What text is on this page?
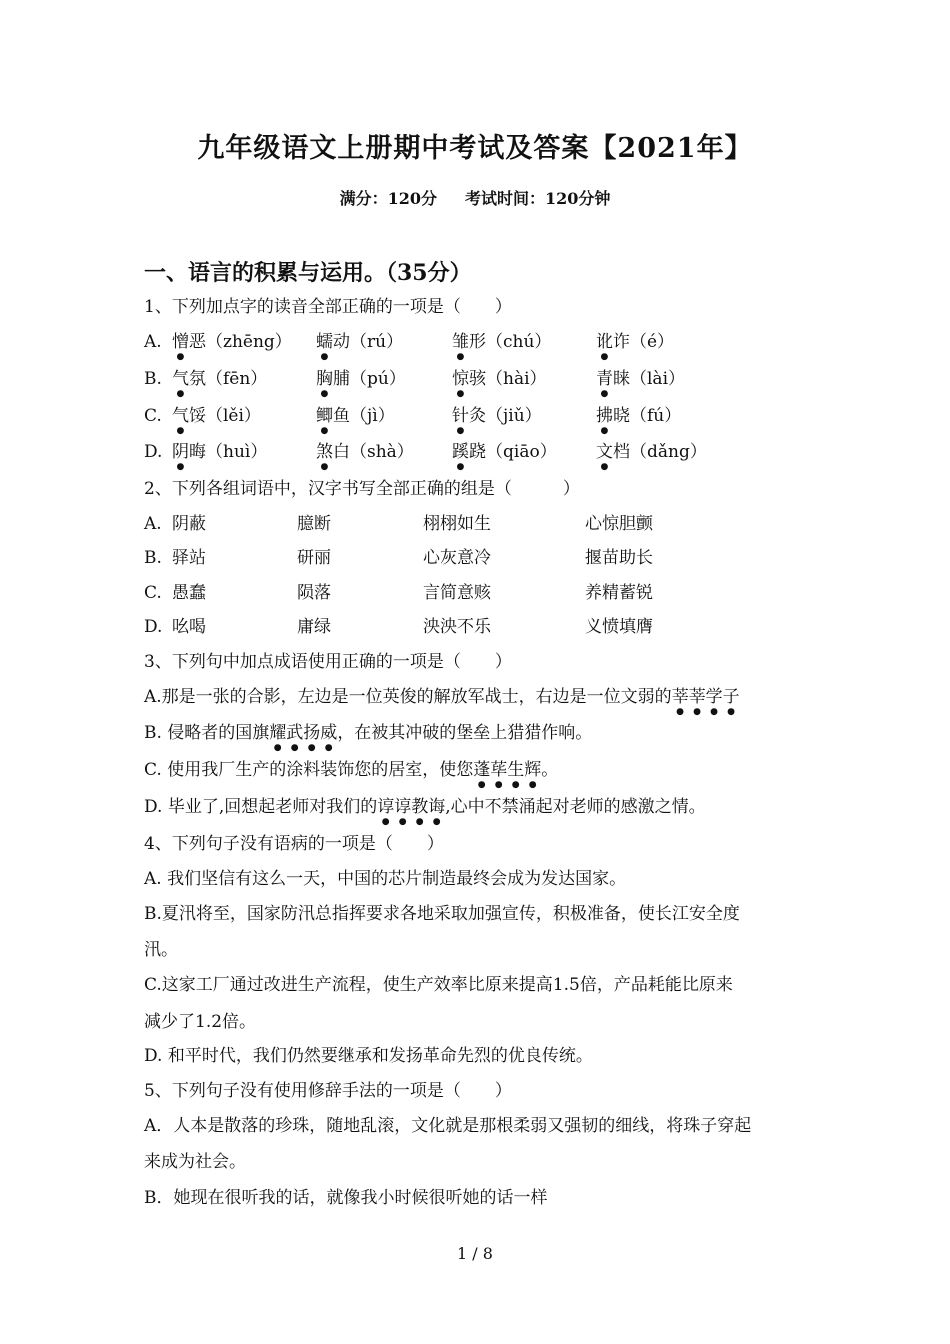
九年级语文上册期中考试及答案【2021年】
满分：120分 考试时间：120分钟
一、语言的积累与运用。（35分）
1、下列加点字的读音全部正确的一项是（　　）
A. 憎恶（zhēng） 蠕动（rú）	雏形（chú）	讹诈（é）
B. 气氛（fēn）	胸脯（pú）	惊骇（hài）	青睐（lài）
C. 气馁（lěi）	鲫鱼（jì）	针灸（jiǔ）	拂晓（fú）
D. 阴晦（huì）	煞白（shà） 蹊跷（qiāo） 文档（dǎng）
2、下列各组词语中，汉字书写全部正确的组是（　　　）
A. 阴蔽	臆断	栩栩如生	心惊胆颤
B. 驿站	研丽	心灰意冷	揠苗助长
C. 愚蠢	陨落	言简意赅	养精蓄锐
D. 吆喝	庸绿	泱泱不乐	义愤填膺
3、下列句中加点成语使用正确的一项是（　　）
A.那是一张的合影，左边是一位英俊的解放军战士，右边是一位文弱的莘莘学子
B. 侵略者的国旗耀武扬威，在被其冲破的堡垒上猎猎作响。
C. 使用我厂生产的涂料装饰您的居室，使您蓬荜生辉。
D. 毕业了,回想起老师对我们的谆谆教诲,心中不禁涌起对老师的感激之情。
4、下列句子没有语病的一项是（　　）
A. 我们坚信有这么一天，中国的芯片制造最终会成为发达国家。
B.夏汛将至，国家防汛总指挥要求各地采取加强宣传，积极准备，使长江安全度
汛。
C.这家工厂通过改进生产流程，使生产效率比原来提高1.5倍，产品耗能比原来
减少了1.2倍。
D. 和平时代，我们仍然要继承和发扬革命先烈的优良传统。
5、下列句子没有使用修辞手法的一项是（　　）
A．人本是散落的珍珠，随地乱滚，文化就是那根柔弱又强韧的细线，将珠子穿起
来成为社会。
B．她现在很听我的话，就像我小时候很听她的话一样
1 / 8
